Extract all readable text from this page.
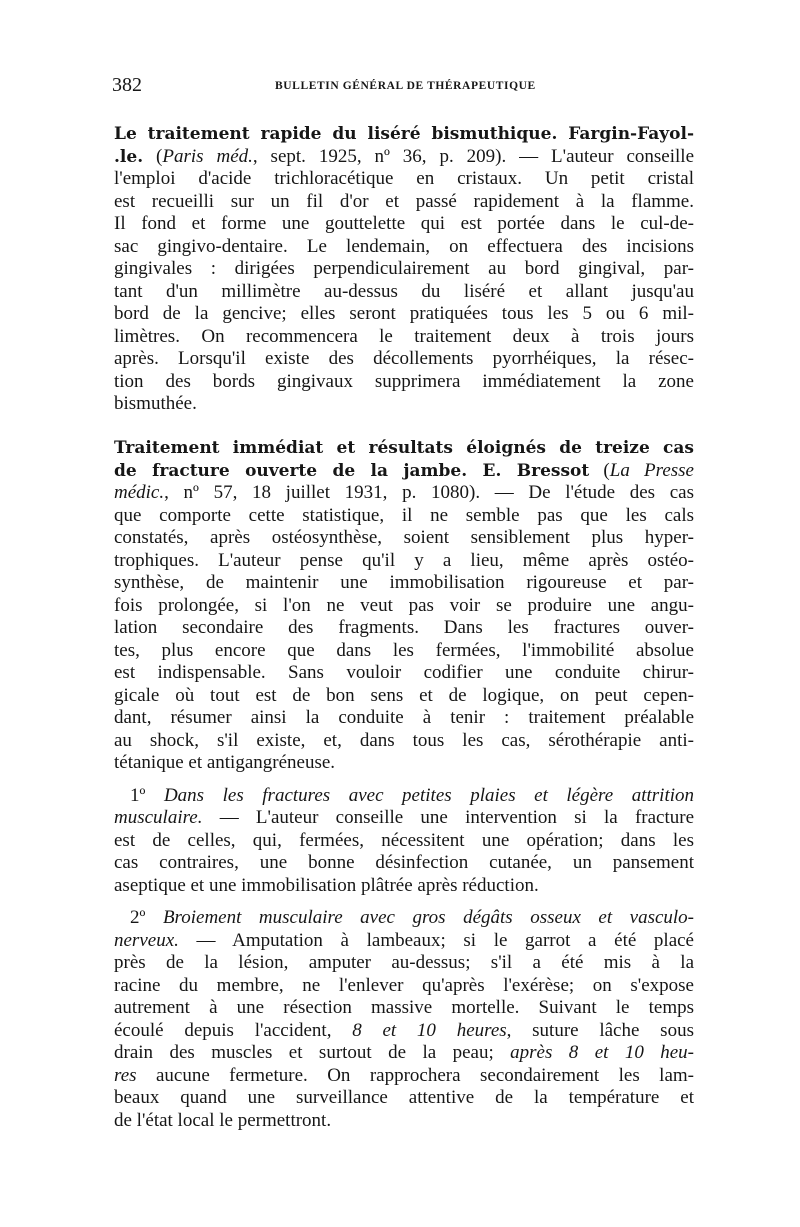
382	BULLETIN GÉNÉRAL DE THÉRAPEUTIQUE
Le traitement rapide du liséré bismuthique. Fargin-Fayol-
.le. (Paris méd., sept. 1925, nº 36, p. 209). — L'auteur conseille
l'emploi d'acide trichloracétique en cristaux. Un petit cristal
est recueilli sur un fil d'or et passé rapidement à la flamme.
Il fond et forme une gouttelette qui est portée dans le cul-de-
sac gingivo-dentaire. Le lendemain, on effectuera des incisions
gingivales : dirigées perpendiculairement au bord gingival, par-
tant d'un millimètre au-dessus du liséré et allant jusqu'au
bord de la gencive; elles seront pratiquées tous les 5 ou 6 mil-
limètres. On recommencera le traitement deux à trois jours
après. Lorsqu'il existe des décollements pyorrhéiques, la résec-
tion des bords gingivaux supprimera immédiatement la zone
bismuthée.
Traitement immédiat et résultats éloignés de treize cas
de fracture ouverte de la jambe. E. Bressot (La Presse
médic., nº 57, 18 juillet 1931, p. 1080). — De l'étude des cas
que comporte cette statistique, il ne semble pas que les cals
constatés, après ostéosynthèse, soient sensiblement plus hyper-
trophiques. L'auteur pense qu'il y a lieu, même après ostéo-
synthèse, de maintenir une immobilisation rigoureuse et par-
fois prolongée, si l'on ne veut pas voir se produire une angu-
lation secondaire des fragments. Dans les fractures ouver-
tes, plus encore que dans les fermées, l'immobilité absolue
est indispensable. Sans vouloir codifier une conduite chirur-
gicale où tout est de bon sens et de logique, on peut cepen-
dant, résumer ainsi la conduite à tenir : traitement préalable
au shock, s'il existe, et, dans tous les cas, sérothérapie anti-
tétanique et antigangréneuse.
1º Dans les fractures avec petites plaies et légère attrition
musculaire. — L'auteur conseille une intervention si la fracture
est de celles, qui, fermées, nécessitent une opération; dans les
cas contraires, une bonne désinfection cutanée, un pansement
aseptique et une immobilisation plâtrée après réduction.
2º Broiement musculaire avec gros dégâts osseux et vasculo-
nerveux. — Amputation à lambeaux; si le garrot a été placé
près de la lésion, amputer au-dessus; s'il a été mis à la
racine du membre, ne l'enlever qu'après l'exérèse; on s'expose
autrement à une résection massive mortelle. Suivant le temps
écoulé depuis l'accident, 8 et 10 heures, suture lâche sous
drain des muscles et surtout de la peau; après 8 et 10 heu-
res aucune fermeture. On rapprochera secondairement les lam-
beaux quand une surveillance attentive de la température et
de l'état local le permettront.
